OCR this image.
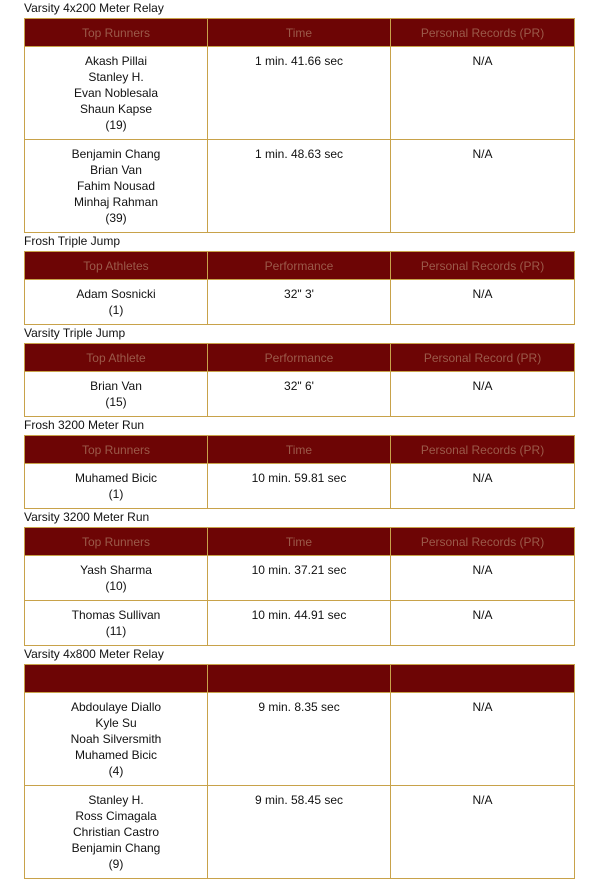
Varsity 4x200 Meter Relay
Top Runners	Time	Personal Records (PR)

Akash Pillai
Stanley H.
Evan Noblesala
Shaun Kapse
(19)	1 min. 41.66 sec	N/A

Benjamin Chang
Brian Van
Fahim Nousad
Minhaj Rahman
(39)	1 min. 48.63 sec	N/A
Frosh Triple Jump
Top Athletes	Performance	Personal Records (PR)

Adam Sosnicki
(1)	32" 3'	N/A
Varsity Triple Jump
Top Athlete	Performance	Personal Record (PR)

Brian Van
(15)	32" 6'	N/A
Frosh 3200 Meter Run
Top Runners	Time	Personal Records (PR)

Muhamed Bicic
(1)	10 min. 59.81 sec	N/A
Varsity 3200 Meter Run
Top Runners	Time	Personal Records (PR)

Yash Sharma
(10)	10 min. 37.21 sec	N/A

Thomas Sullivan
(11)	10 min. 44.91 sec	N/A
Varsity 4x800 Meter Relay

Abdoulaye Diallo
Kyle Su
Noah Silversmith
Muhamed Bicic
(4)	9 min. 8.35 sec	N/A

Stanley H.
Ross Cimagala
Christian Castro
Benjamin Chang
(9)	9 min. 58.45 sec	N/A
